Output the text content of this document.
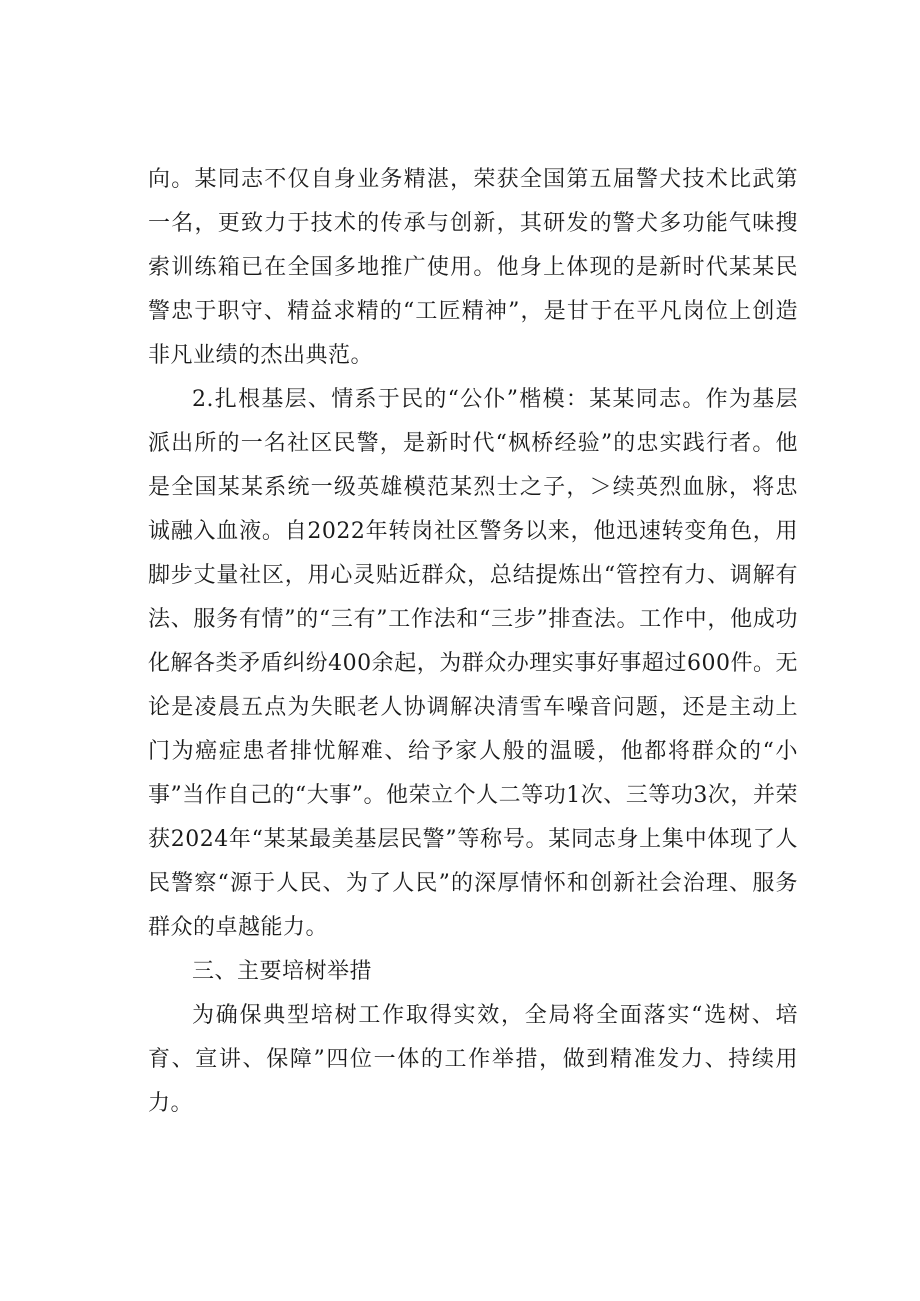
向。某同志不仅自身业务精湛，荣获全国第五届警犬技术比武第一名，更致力于技术的传承与创新，其研发的警犬多功能气味搜索训练箱已在全国多地推广使用。他身上体现的是新时代某某民警忠于职守、精益求精的“工匠精神”，是甘于在平凡岗位上创造非凡业绩的杰出典范。

2.扎根基层、情系于民的“公仆”楷模：某某同志。作为基层派出所的一名社区民警，是新时代“枫桥经验”的忠实践行者。他是全国某某系统一级英雄模范某烈士之子，＞续英烈血脉，将忠诚融入血液。自2022年转岗社区警务以来，他迅速转变角色，用脚步丈量社区，用心灵贴近群众，总结提炼出“管控有力、调解有法、服务有情”的“三有”工作法和“三步”排查法。工作中，他成功化解各类矛盾纠纷400余起，为群众办理实事好事超过600件。无论是凌晨五点为失眠老人协调解决清雪车噪音问题，还是主动上门为癌症患者排忧解难、给予家人般的温暖，他都将群众的“小事”当作自己的“大事”。他荣立个人二等功1次、三等功3次，并荣获2024年“某某最美基层民警”等称号。某同志身上集中体现了人民警察“源于人民、为了人民”的深厚情怀和创新社会治理、服务群众的卓越能力。

三、主要培树举措

为确保典型培树工作取得实效，全局将全面落实“选树、培育、宣讲、保障”四位一体的工作举措，做到精准发力、持续用力。
